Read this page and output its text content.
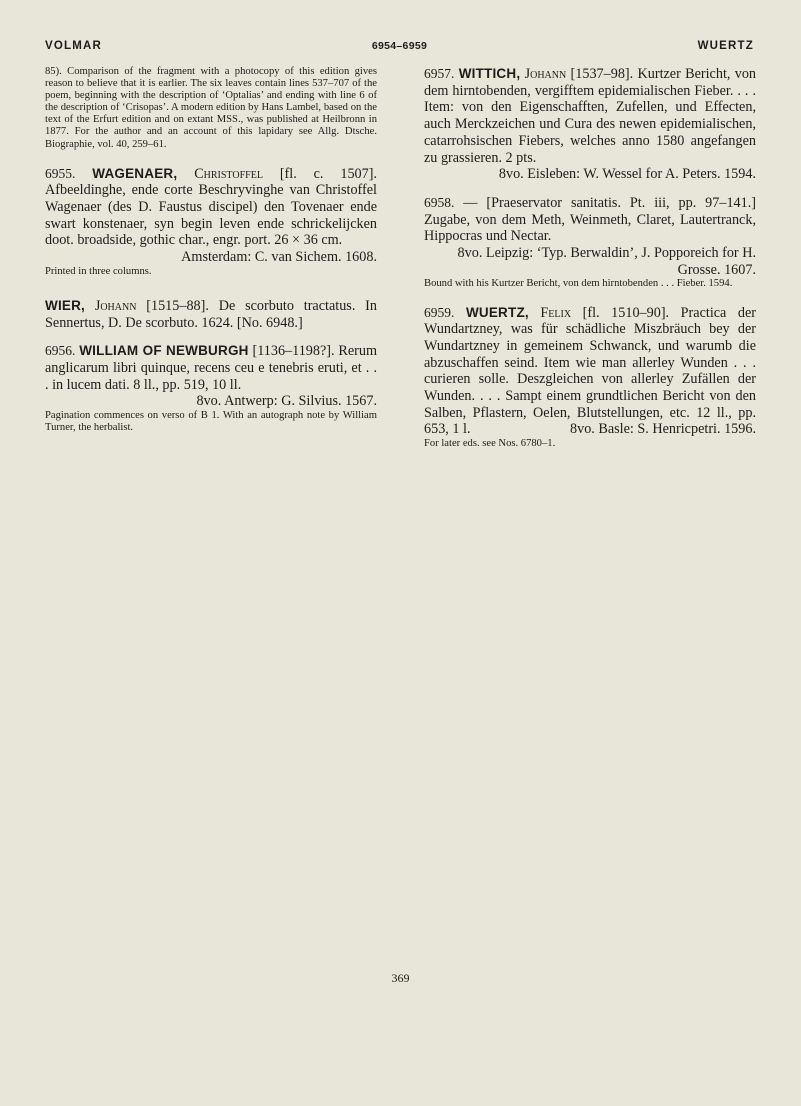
VOLMAR	6954–6959	WUERTZ

85). Comparison of the fragment with a photocopy of this edition gives reason to believe that it is earlier. The six leaves contain lines 537–707 of the poem, beginning with the description of ‘Optalias’ and ending with line 6 of the description of ‘Crisopas’. A modern edition by Hans Lambel, based on the text of the Erfurt edition and on extant MSS., was published at Heilbronn in 1877. For the author and an account of this lapidary see Allg. Dtsche. Biographie, vol. 40, 259–61.

6955. WAGENAER, Christoffel [fl. c. 1507]. Afbeeldinghe, ende corte Beschryvinghe van Christoffel Wagenaer (des D. Faustus discipel) den Tovenaer ende swart konstenaer, syn begin leven ende schrickelijcken doot. broadside, gothic char., engr. port. 26 × 36 cm.
Amsterdam: C. van Sichem. 1608.

Printed in three columns.

WIER, Johann [1515–88]. De scorbuto tractatus. In Sennertus, D. De scorbuto. 1624. [No. 6948.]

6956. WILLIAM OF NEWBURGH [1136–1198?]. Rerum anglicarum libri quinque, recens ceu e tenebris eruti, et . . . in lucem dati. 8 ll., pp. 519, 10 ll.
8vo. Antwerp: G. Silvius. 1567.

Pagination commences on verso of B 1. With an autograph note by William Turner, the herbalist.

6957. WITTICH, Johann [1537–98]. Kurtzer Bericht, von dem hirntobenden, vergifftem epidemialischen Fieber. . . . Item: von den Eigenschafften, Zufellen, und Effecten, auch Merckzeichen und Cura des newen epidemialischen, catarrohsischen Fiebers, welches anno 1580 angefangen zu grassieren. 2 pts.
8vo. Eisleben: W. Wessel for A. Peters. 1594.

6958. — [Praeservator sanitatis. Pt. iii, pp. 97–141.] Zugabe, von dem Meth, Weinmeth, Claret, Lautertranck, Hippocras und Nectar.
8vo. Leipzig: ‘Typ. Berwaldin’, J. Popporeich for H. Grosse. 1607.

Bound with his Kurtzer Bericht, von dem hirntobenden . . . Fieber. 1594.

6959. WUERTZ, Felix [fl. 1510–90]. Practica der Wundartzney, was für schädliche Miszbräuch bey der Wundartzney in gemeinem Schwanck, und warumb die abzuschaffen seind. Item wie man allerley Wunden . . . curieren solle. Deszgleichen von allerley Zufällen der Wunden. . . . Sampt einem grundtlichen Bericht von den Salben, Pflastern, Oelen, Blutstellungen, etc. 12 ll., pp. 653, 1 l.	8vo. Basle: S. Henricpetri. 1596.

For later eds. see Nos. 6780–1.

369
